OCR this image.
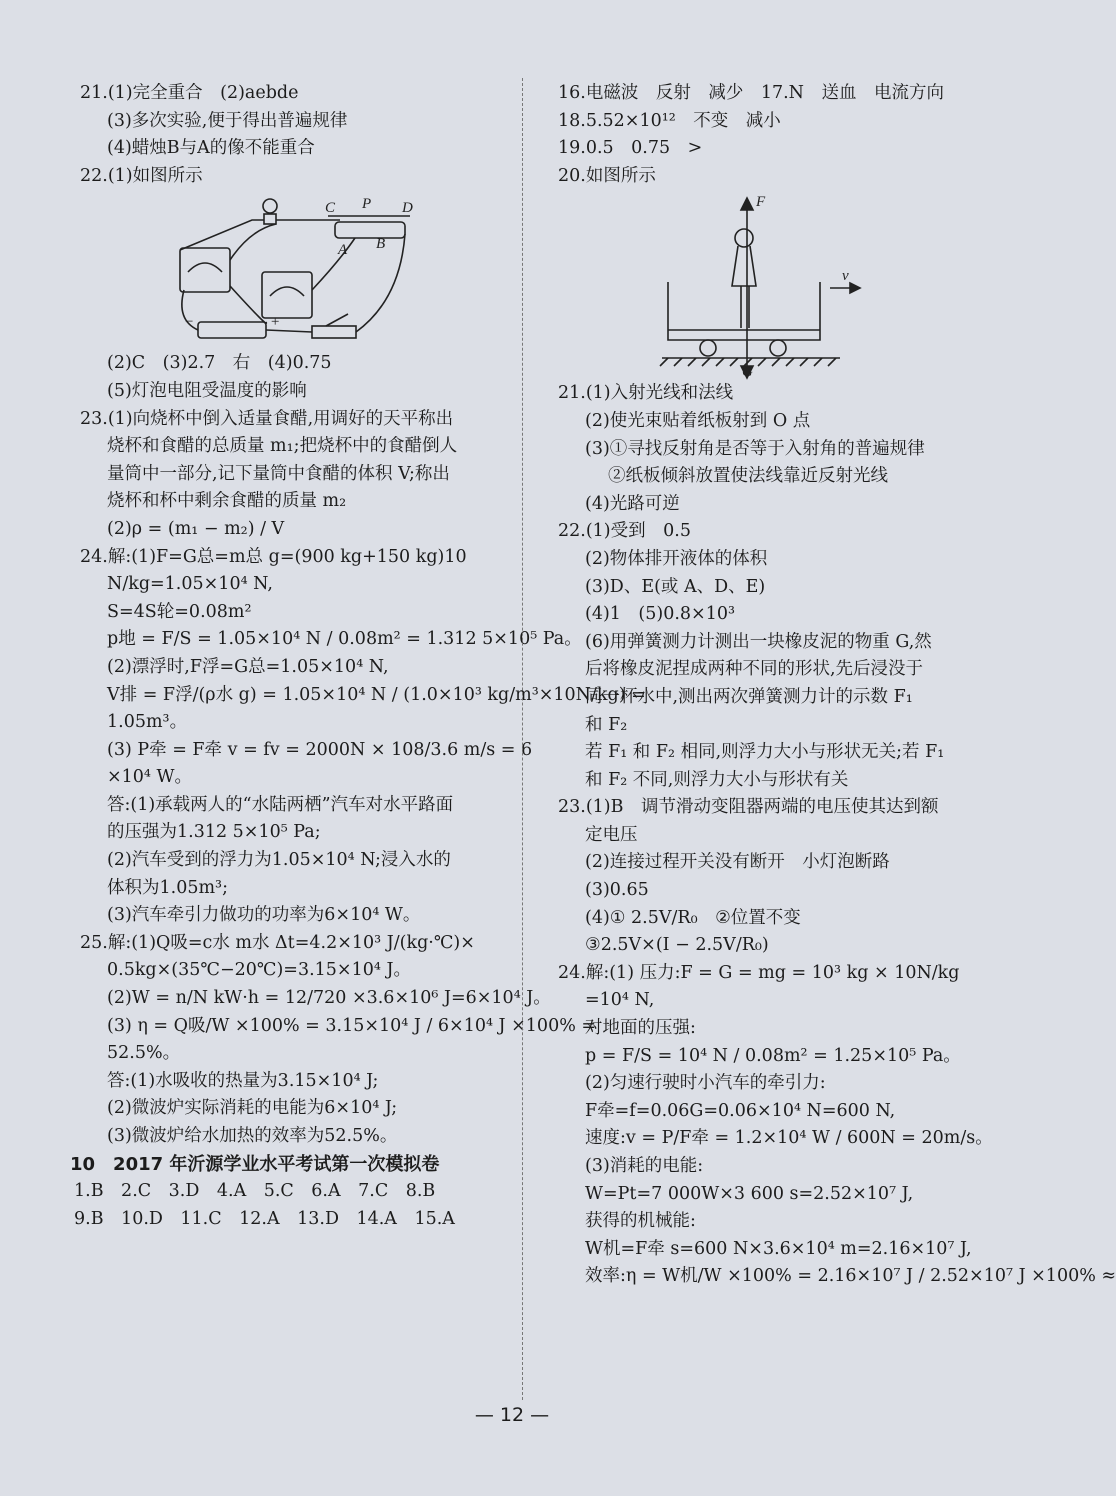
21.(1)完全重合　(2)aebde
(3)多次实验,便于得出普遍规律
(4)蜡烛B与A的像不能重合
22.(1)如图所示
C P D
A B
−	+
(2)C　(3)2.7　右　(4)0.75
(5)灯泡电阻受温度的影响
23.(1)向烧杯中倒入适量食醋,用调好的天平称出
烧杯和食醋的总质量 m₁;把烧杯中的食醋倒人
量筒中一部分,记下量筒中食醋的体积 V;称出
烧杯和杯中剩余食醋的质量 m₂
(2)ρ = (m₁ − m₂) / V
24.解:(1)F=G总=m总 g=(900 kg+150 kg)10
N/kg=1.05×10⁴ N,
S=4S轮=0.08m²
p地 = F/S = 1.05×10⁴ N / 0.08m² = 1.312 5×10⁵ Pa。
(2)漂浮时,F浮=G总=1.05×10⁴ N,
V排 = F浮/(ρ水 g) = 1.05×10⁴ N / (1.0×10³ kg/m³×10N/kg) =
1.05m³。
(3) P牵 = F牵 v = fv = 2000N × 108/3.6 m/s = 6
×10⁴ W。
答:(1)承载两人的“水陆两栖”汽车对水平路面
的压强为1.312 5×10⁵ Pa;
(2)汽车受到的浮力为1.05×10⁴ N;浸入水的
体积为1.05m³;
(3)汽车牵引力做功的功率为6×10⁴ W。
25.解:(1)Q吸=c水 m水 Δt=4.2×10³ J/(kg·℃)×
0.5kg×(35℃−20℃)=3.15×10⁴ J。
(2)W = n/N kW·h = 12/720 ×3.6×10⁶ J=6×10⁴ J。
(3) η = Q吸/W ×100% = 3.15×10⁴ J / 6×10⁴ J ×100% =
52.5%。
答:(1)水吸收的热量为3.15×10⁴ J;
(2)微波炉实际消耗的电能为6×10⁴ J;
(3)微波炉给水加热的效率为52.5%。
10　2017 年沂源学业水平考试第一次模拟卷
1.B　2.C　3.D　4.A　5.C　6.A　7.C　8.B
9.B　10.D　11.C　12.A　13.D　14.A　15.A
16.电磁波　反射　减少　17.N　送血　电流方向
18.5.52×10¹²　不变　减小
19.0.5　0.75　>
20.如图所示
F
v
G
21.(1)入射光线和法线
(2)使光束贴着纸板射到 O 点
(3)①寻找反射角是否等于入射角的普遍规律
②纸板倾斜放置使法线靠近反射光线
(4)光路可逆
22.(1)受到　0.5
(2)物体排开液体的体积
(3)D、E(或 A、D、E)
(4)1　(5)0.8×10³
(6)用弹簧测力计测出一块橡皮泥的物重 G,然
后将橡皮泥捏成两种不同的形状,先后浸没于
同一杯水中,测出两次弹簧测力计的示数 F₁
和 F₂
若 F₁ 和 F₂ 相同,则浮力大小与形状无关;若 F₁
和 F₂ 不同,则浮力大小与形状有关
23.(1)B　调节滑动变阻器两端的电压使其达到额
定电压
(2)连接过程开关没有断开　小灯泡断路
(3)0.65
(4)① 2.5V/R₀　②位置不变
③2.5V×(I − 2.5V/R₀)
24.解:(1) 压力:F = G = mg = 10³ kg × 10N/kg
=10⁴ N,
对地面的压强:
p = F/S = 10⁴ N / 0.08m² = 1.25×10⁵ Pa。
(2)匀速行驶时小汽车的牵引力:
F牵=f=0.06G=0.06×10⁴ N=600 N,
速度:v = P/F牵 = 1.2×10⁴ W / 600N = 20m/s。
(3)消耗的电能:
W=Pt=7 000W×3 600 s=2.52×10⁷ J,
获得的机械能:
W机=F牵 s=600 N×3.6×10⁴ m=2.16×10⁷ J,
效率:η = W机/W ×100% = 2.16×10⁷ J / 2.52×10⁷ J ×100% ≈
— 12 —
